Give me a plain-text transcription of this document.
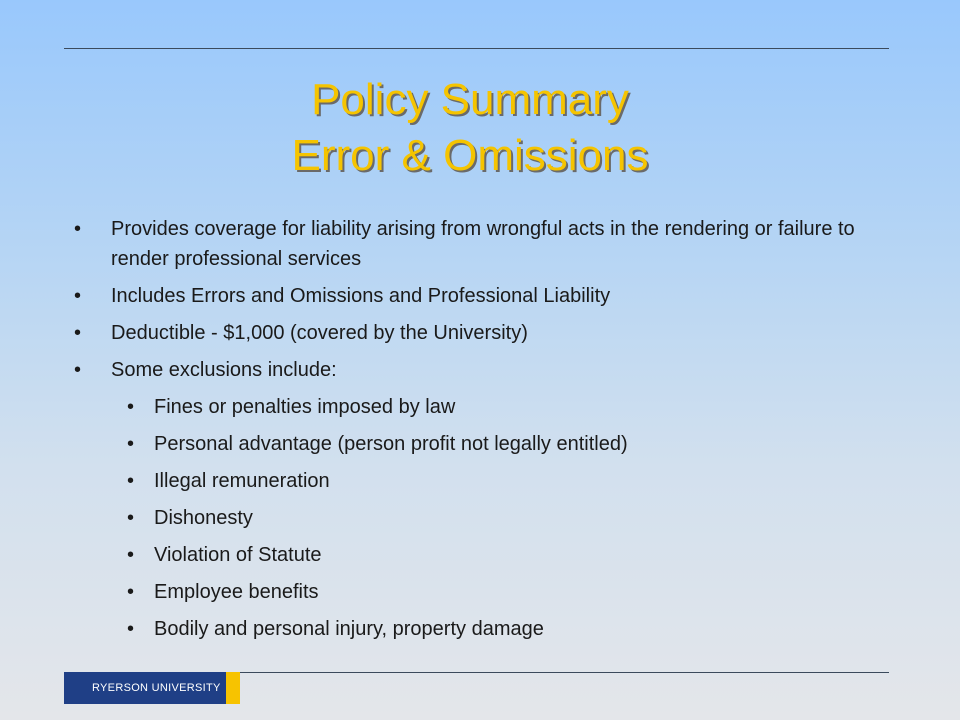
Policy Summary
Error & Omissions
• Provides coverage for liability arising from wrongful acts in the rendering or failure to render professional services
• Includes Errors and Omissions and Professional Liability
• Deductible - $1,000 (covered by the University)
• Some exclusions include:
• Fines or penalties imposed by law
• Personal advantage (person profit not legally entitled)
• Illegal remuneration
• Dishonesty
• Violation of Statute
• Employee benefits
• Bodily and personal injury, property damage
RYERSON UNIVERSITY
